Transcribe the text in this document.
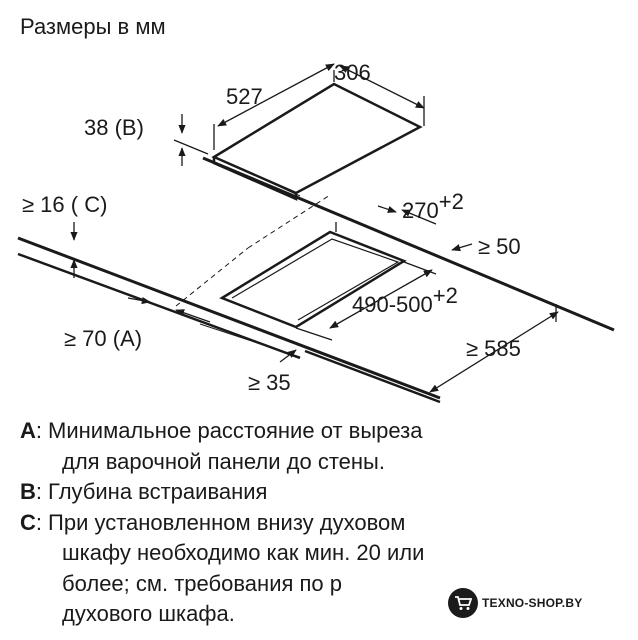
Размеры в мм
306
527
38 (B)
≥ 16 ( C)	270+2
≥ 50
490-500+2
≥ 70 (A)	≥ 585
≥ 35
A : Минимальное расстояние от выреза
для варочной панели до стены.
B : Глубина встраивания
C : При установленном внизу духовом
шкафу необходимо как мин. 20 или
более; см. требования по р
духового шкафа.	TEXNO-SHOP.BY
